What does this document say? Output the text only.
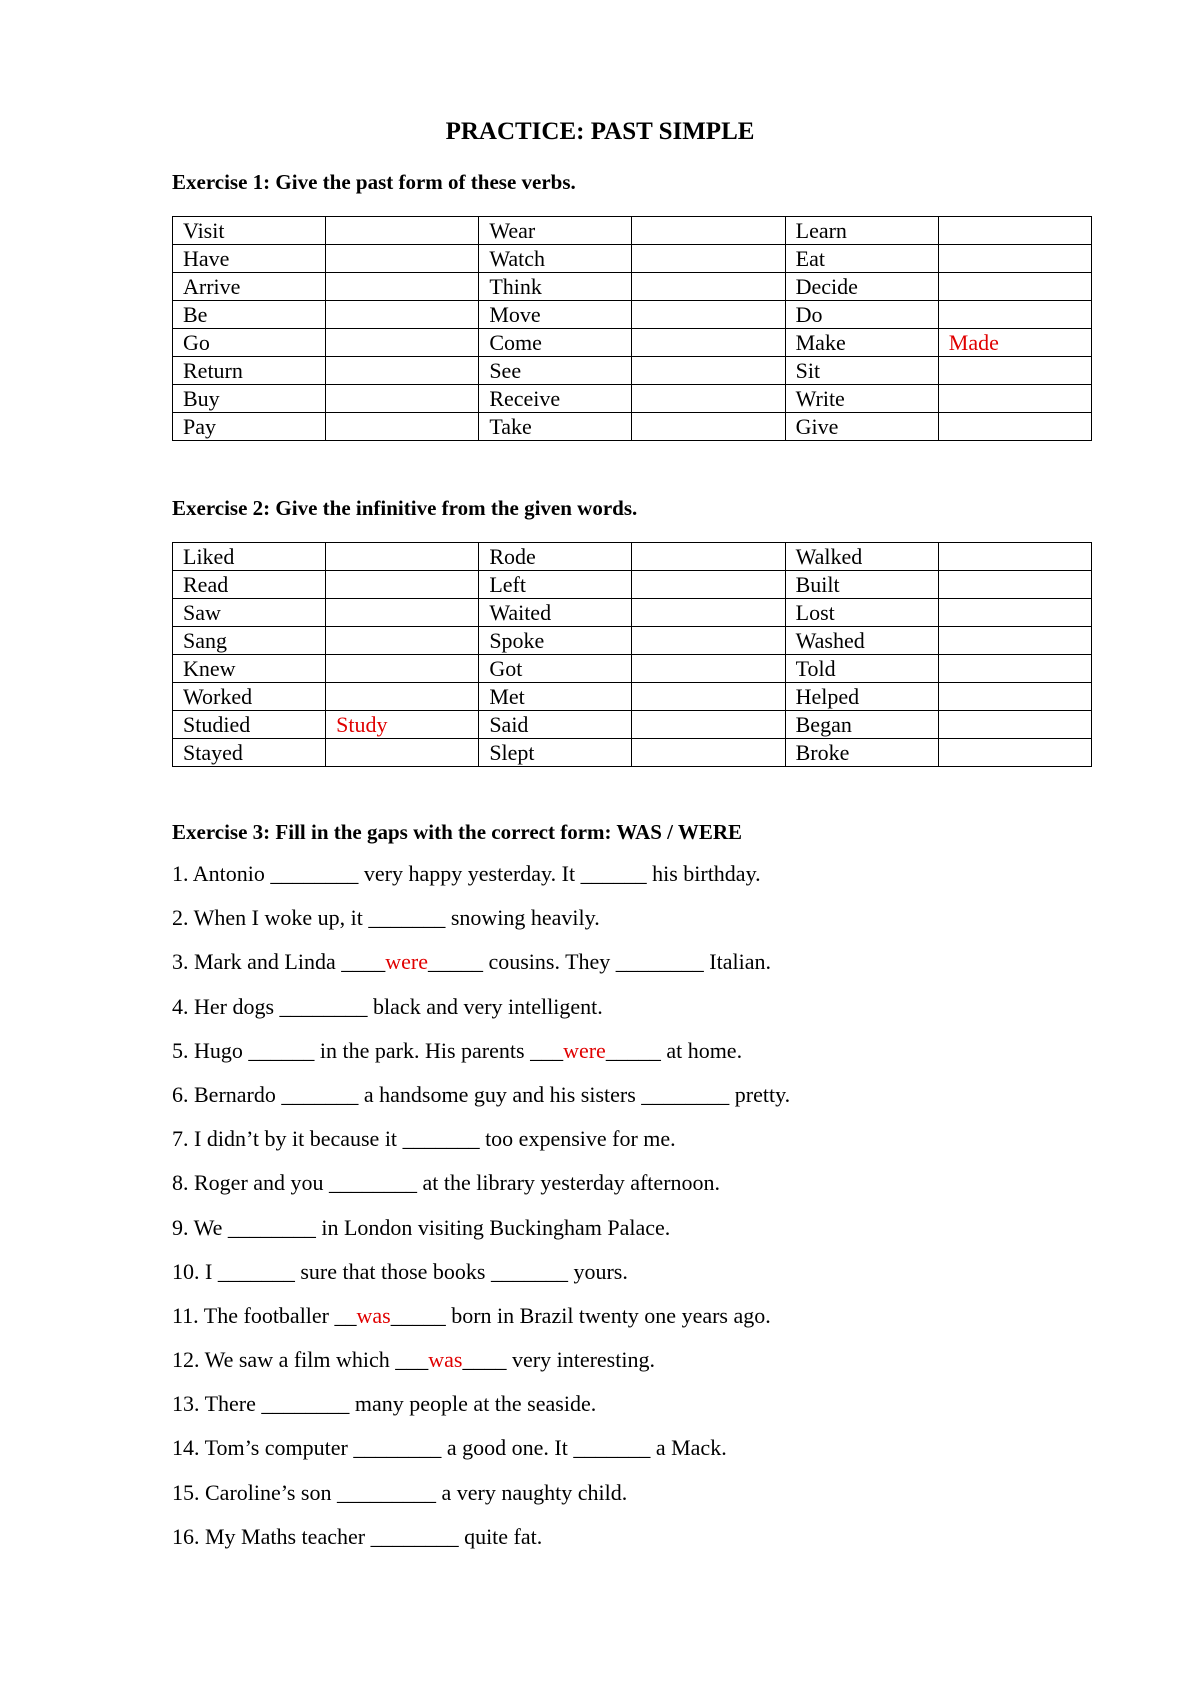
PRACTICE: PAST SIMPLE
Exercise 1: Give the past form of these verbs.
Visit		Wear		Learn	
Have		Watch		Eat	
Arrive		Think		Decide	
Be		Move		Do	
Go		Come		Make	Made
Return		See		Sit	
Buy		Receive		Write	
Pay		Take		Give	
Exercise 2: Give the infinitive from the given words.
Liked		Rode		Walked	
Read		Left		Built	
Saw		Waited		Lost	
Sang		Spoke		Washed	
Knew		Got		Told	
Worked		Met		Helped	
Studied	Study	Said		Began	
Stayed		Slept		Broke	
Exercise 3: Fill in the gaps with the correct form: WAS / WERE
1. Antonio ________ very happy yesterday. It ______ his birthday.
2. When I woke up, it _______ snowing heavily.
3. Mark and Linda ____were_____ cousins. They ________ Italian.
4. Her dogs ________ black and very intelligent.
5. Hugo ______ in the park. His parents ___were_____ at home.
6. Bernardo _______ a handsome guy and his sisters ________ pretty.
7. I didn’t by it because it _______ too expensive for me.
8. Roger and you ________ at the library yesterday afternoon.
9. We ________ in London visiting Buckingham Palace.
10. I _______ sure that those books _______ yours.
11. The footballer __was_____ born in Brazil twenty one years ago.
12. We saw a film which ___was____ very interesting.
13. There ________ many people at the seaside.
14. Tom’s computer ________ a good one. It _______ a Mack.
15. Caroline’s son _________ a very naughty child.
16. My Maths teacher ________ quite fat.
